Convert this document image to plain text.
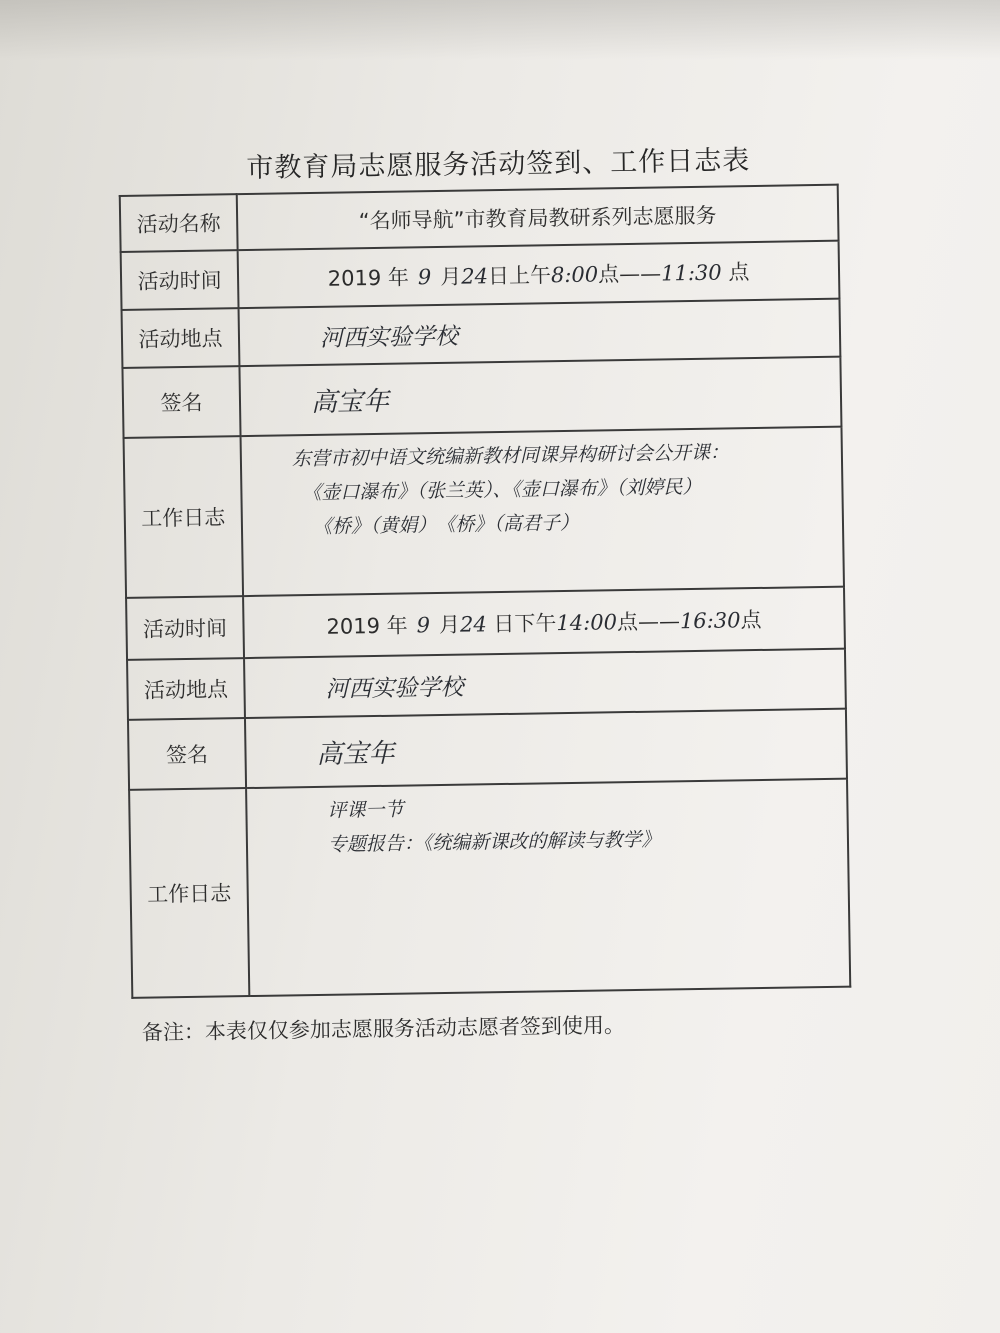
市教育局志愿服务活动签到、工作日志表
活动名称	“名师导航”市教育局教研系列志愿服务
活动时间	2019 年 9 月24日上午8:00点——11:30 点
活动地点	河西实验学校
签名	高宝年
工作日志	东营市初中语文统编新教材同课异构研讨会公开课：
《壶口瀑布》（张兰英）、《壶口瀑布》（刘婷民）
《桥》（黄娟）　《桥》（高君子）

活动时间	2019 年 9 月24 日下午14:00点——16:30点
活动地点	河西实验学校
签名	高宝年
工作日志	评课一节
专题报告：《统编新课改的解读与教学》
备注：本表仅仅参加志愿服务活动志愿者签到使用。
